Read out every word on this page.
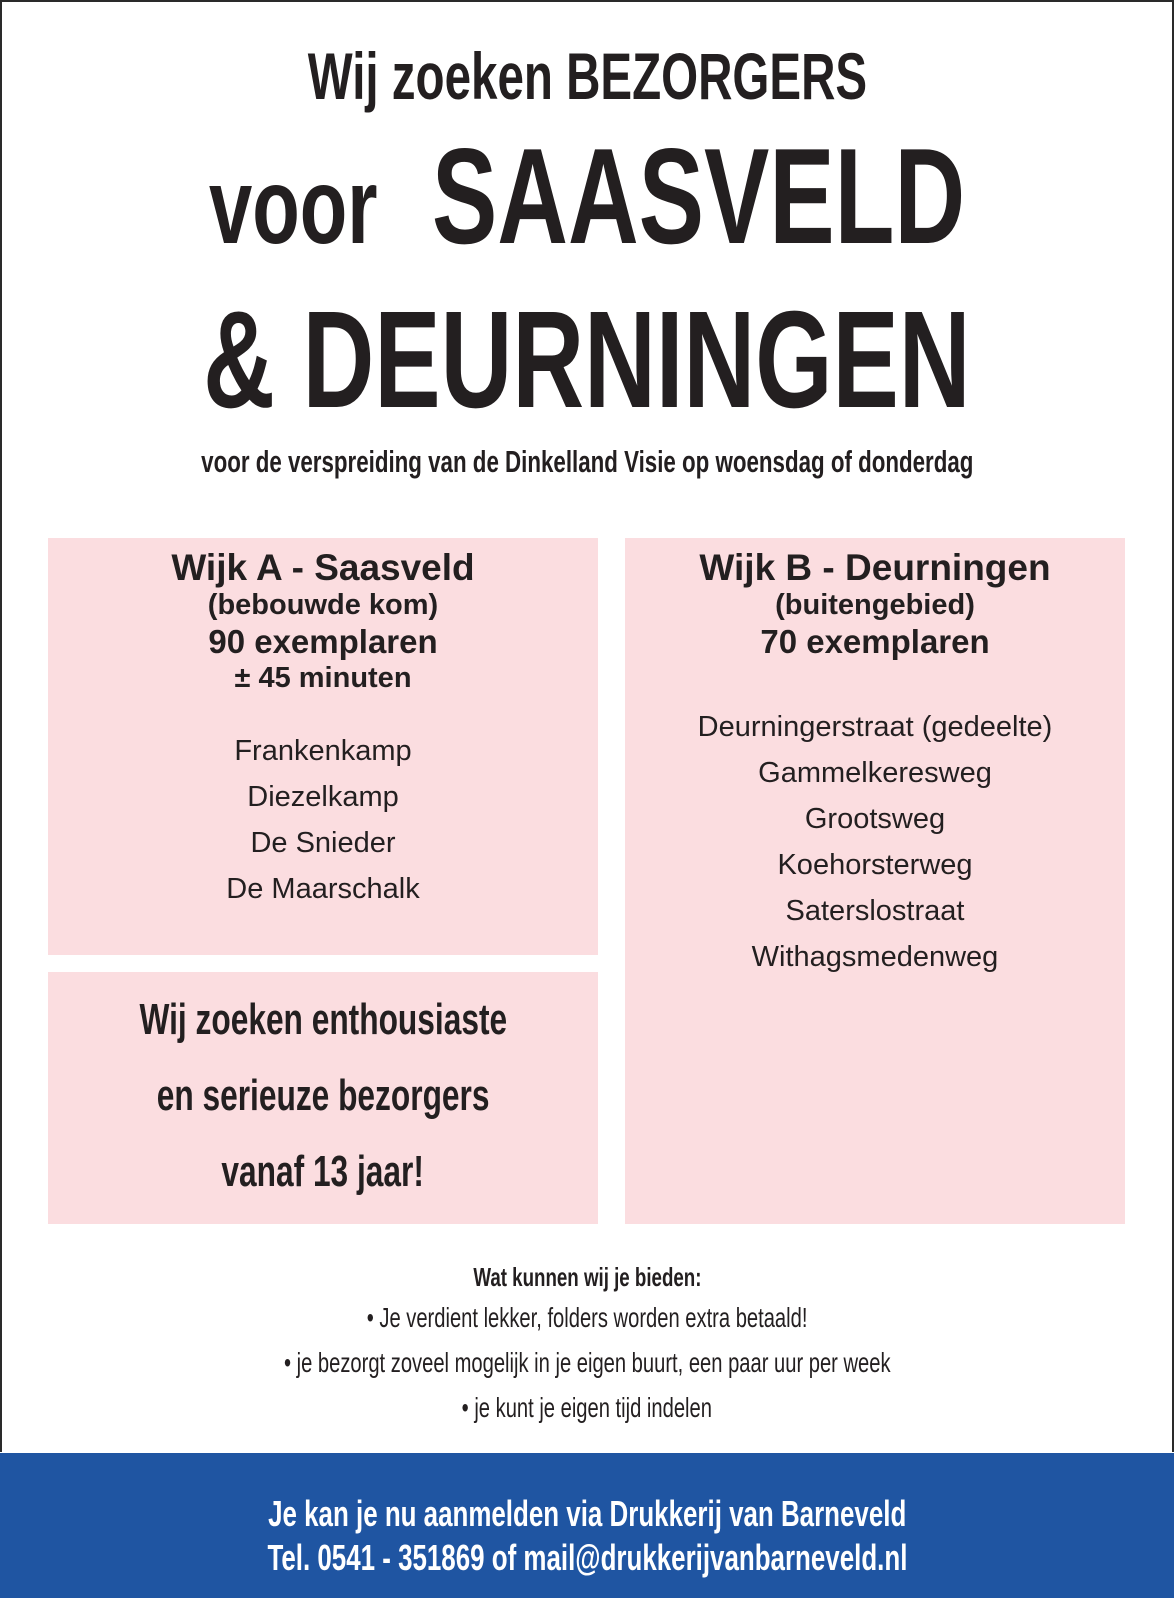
Wij zoeken BEZORGERS
voor SAASVELD
& DEURNINGEN
voor de verspreiding van de Dinkelland Visie op woensdag of donderdag
Wijk A - Saasveld
(bebouwde kom)
90 exemplaren
± 45 minuten
Frankenkamp
Diezelkamp
De Snieder
De Maarschalk
Wijk B - Deurningen
(buitengebied)
70 exemplaren
Deurningerstraat (gedeelte)
Gammelkeresweg
Grootsweg
Koehorsterweg
Saterslostraat
Withagsmedenweg
Wij zoeken enthousiaste
en serieuze bezorgers
vanaf 13 jaar!
Wat kunnen wij je bieden:
• Je verdient lekker, folders worden extra betaald!
• je bezorgt zoveel mogelijk in je eigen buurt, een paar uur per week
• je kunt je eigen tijd indelen
Je kan je nu aanmelden via Drukkerij van Barneveld
Tel. 0541 - 351869 of mail@drukkerijvanbarneveld.nl
